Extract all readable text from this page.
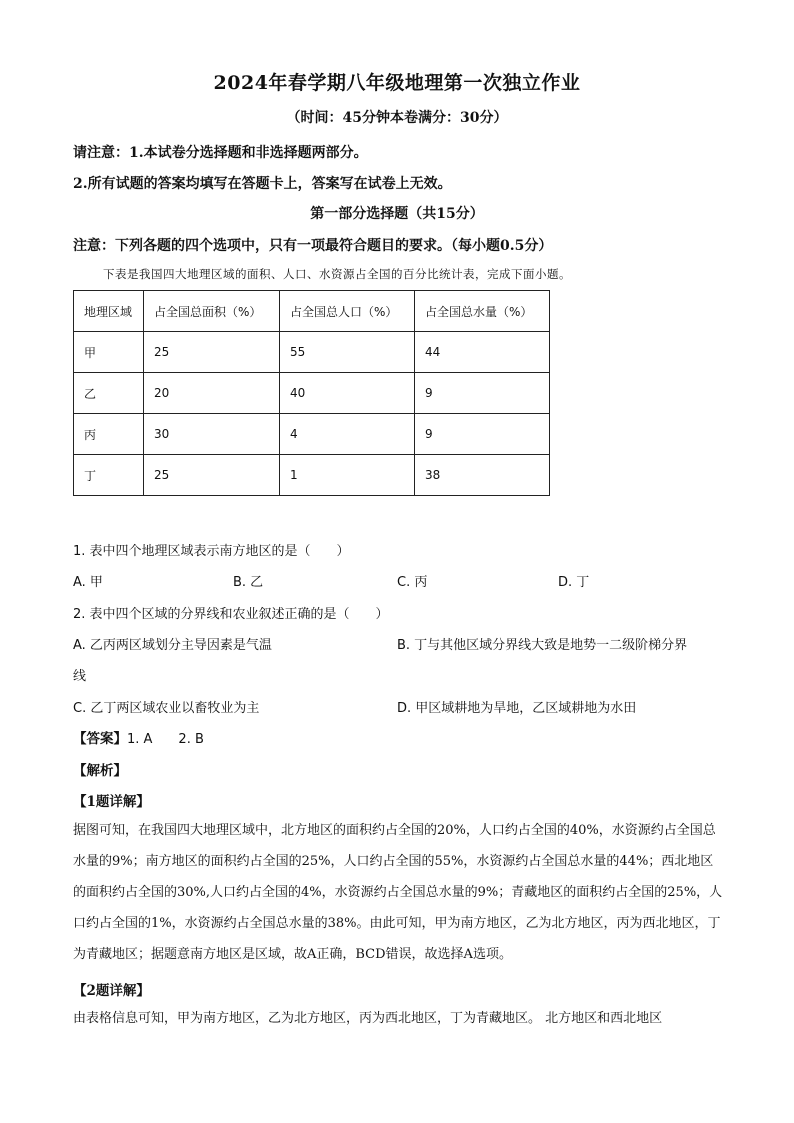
2024年春学期八年级地理第一次独立作业
（时间：45分钟本卷满分：30分）
请注意：1.本试卷分选择题和非选择题两部分。
2.所有试题的答案均填写在答题卡上，答案写在试卷上无效。
第一部分选择题（共15分）
注意：下列各题的四个选项中，只有一项最符合题目的要求。（每小题0.5分）
下表是我国四大地理区域的面积、人口、水资源占全国的百分比统计表，完成下面小题。
地理区域	占全国总面积（%）	占全国总人口（%）	占全国总水量（%）
甲	25	55	44
乙	20	40	9
丙	30	4	9
丁	25	1	38
1. 表中四个地理区域表示南方地区的是（　　）
A. 甲	B. 乙	C. 丙	D. 丁
2. 表中四个区域的分界线和农业叙述正确的是（　　）
A. 乙丙两区域划分主导因素是气温	B. 丁与其他区域分界线大致是地势一二级阶梯分界
线
C. 乙丁两区域农业以畜牧业为主	D. 甲区域耕地为旱地，乙区域耕地为水田
【答案】1. A　　2. B
【解析】
【1题详解】
据图可知，在我国四大地理区域中，北方地区的面积约占全国的20%，人口约占全国的40%，水资源约占全国总水量的9%；南方地区的面积约占全国的25%，人口约占全国的55%，水资源约占全国总水量的44%；西北地区的面积约占全国的30%,人口约占全国的4%，水资源约占全国总水量的9%；青藏地区的面积约占全国的25%，人口约占全国的1%，水资源约占全国总水量的38%。由此可知，甲为南方地区，乙为北方地区，丙为西北地区，丁为青藏地区；据题意南方地区是区域，故A正确，BCD错误，故选择A选项。
【2题详解】
由表格信息可知，甲为南方地区，乙为北方地区，丙为西北地区，丁为青藏地区。 北方地区和西北地区
